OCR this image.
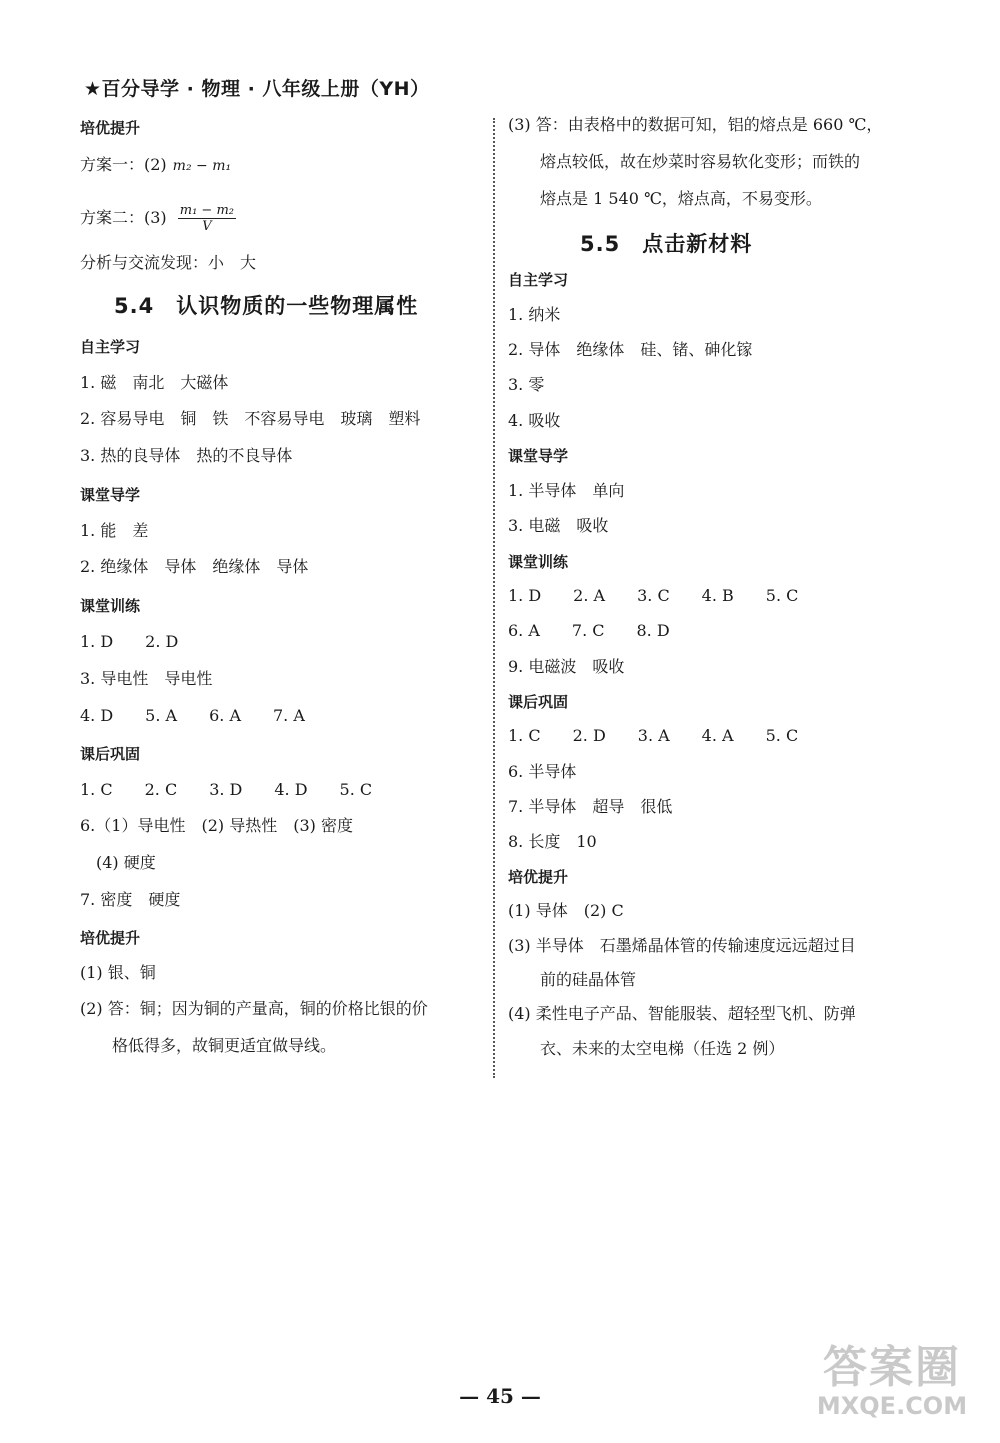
★百分导学 · 物理 · 八年级上册（YH）
培优提升
方案一：(2) m₂ − m₁
方案二：$(3) \frac{\text{m₁ − m₂}}{V}$
分析与交流发现：小　大
5.4　认识物质的一些物理属性
自主学习
1. 磁　南北　大磁体
2. 容易导电　铜　铁　不容易导电　玻璃　塑料
3. 热的良导体　热的不良导体
课堂导学
1. 能　差
2. 绝缘体　导体　绝缘体　导体
课堂训练
1. D　　2. D
3. 导电性　导电性
4. D　　5. A　　6. A　　7. A
课后巩固
1. C　　2. C　　3. D　　4. D　　5. C
6.（1）导电性　(2) 导热性　(3) 密度
　(4) 硬度
7. 密度　硬度
培优提升
(1) 银、铜
(2) 答：铜；因为铜的产量高，铜的价格比银的价
　　格低得多，故铜更适宜做导线。
(3) 答：由表格中的数据可知，铝的熔点是 660 ℃，
　　熔点较低，故在炒菜时容易软化变形；而铁的
　　熔点是 1 540 ℃，熔点高，不易变形。
5.5　点击新材料
自主学习
1. 纳米
2. 导体　绝缘体　硅、锗、砷化镓
3. 零
4. 吸收
课堂导学
1. 半导体　单向
3. 电磁　吸收
课堂训练
1. D　　2. A　　3. C　　4. B　　5. C
6. A　　7. C　　8. D
9. 电磁波　吸收
课后巩固
1. C　　2. D　　3. A　　4. A　　5. C
6. 半导体
7. 半导体　超导　很低
8. 长度　10
培优提升
(1) 导体　(2) C
(3) 半导体　石墨烯晶体管的传输速度远远超过目
　　前的硅晶体管
(4) 柔性电子产品、智能服装、超轻型飞机、防弹
　　衣、未来的太空电梯（任选 2 例）
— 45 —
答案圈
MXQE.COM
